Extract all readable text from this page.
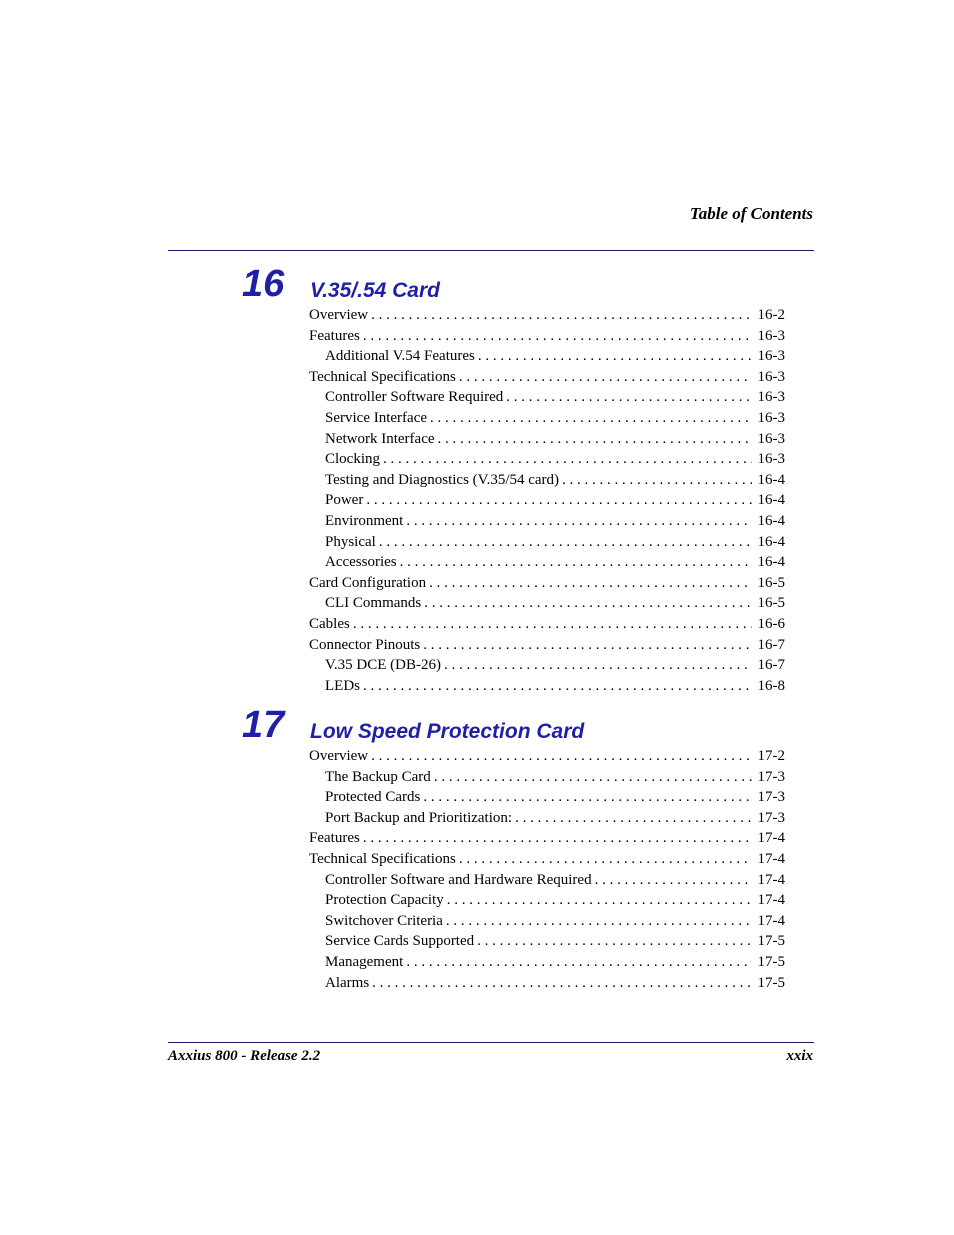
Table of Contents
16 V.35/.54 Card
Overview . . .	16-2
Features . . .	16-3
Additional V.54 Features . . .	16-3
Technical Specifications . . .	16-3
Controller Software Required . . .	16-3
Service Interface . . .	16-3
Network Interface . . .	16-3
Clocking . . .	16-3
Testing and Diagnostics (V.35/54 card) . . .	16-4
Power . . .	16-4
Environment . . .	16-4
Physical . . .	16-4
Accessories . . .	16-4
Card Configuration . . .	16-5
CLI Commands . . .	16-5
Cables . . .	16-6
Connector Pinouts . . .	16-7
V.35 DCE (DB-26) . . .	16-7
LEDs . . .	16-8
17 Low Speed Protection Card
Overview . . .	17-2
The Backup Card . . .	17-3
Protected Cards . . .	17-3
Port Backup and Prioritization: . . .	17-3
Features . . .	17-4
Technical Specifications . . .	17-4
Controller Software and Hardware Required . . .	17-4
Protection Capacity . . .	17-4
Switchover Criteria . . .	17-4
Service Cards Supported . . .	17-5
Management . . .	17-5
Alarms . . .	17-5
Axxius 800 - Release 2.2	xxix
